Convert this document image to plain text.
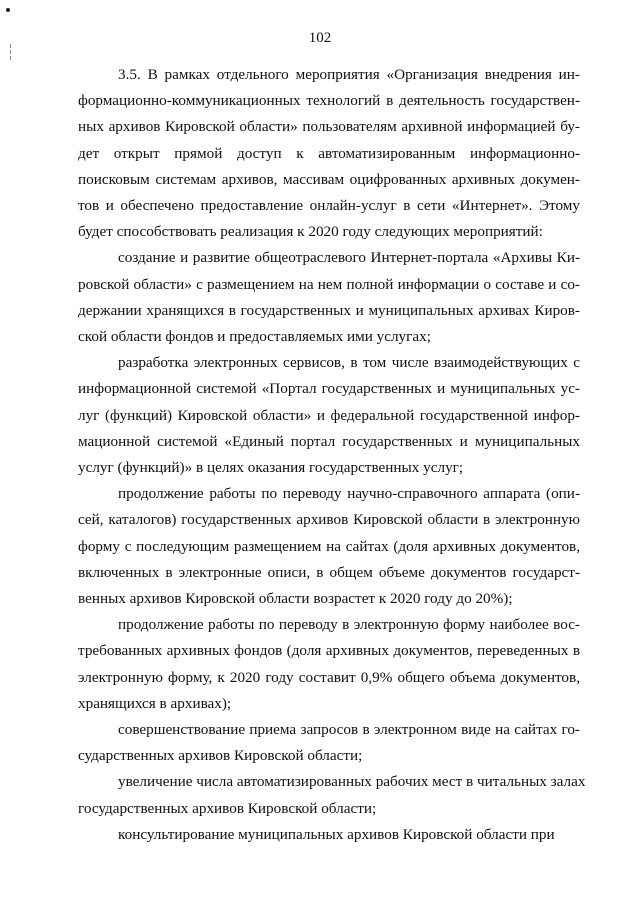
102
3.5. В рамках отдельного мероприятия «Организация внедрения ин-
формационно-коммуникационных технологий в деятельность государствен-
ных архивов Кировской области» пользователям архивной информацией бу-
дет открыт прямой доступ к автоматизированным информационно-
поисковым системам архивов, массивам оцифрованных архивных докумен-
тов и обеспечено предоставление онлайн-услуг в сети «Интернет». Этому
будет способствовать реализация к 2020 году следующих мероприятий:
создание и развитие общеотраслевого Интернет-портала «Архивы Ки-
ровской области» с размещением на нем полной информации о составе и со-
держании хранящихся в государственных и муниципальных архивах Киров-
ской области фондов и предоставляемых ими услугах;
разработка электронных сервисов, в том числе взаимодействующих с
информационной системой «Портал государственных и муниципальных ус-
луг (функций) Кировской области» и федеральной государственной инфор-
мационной системой «Единый портал государственных и муниципальных
услуг (функций)» в целях оказания государственных услуг;
продолжение работы по переводу научно-справочного аппарата (опи-
сей, каталогов) государственных архивов Кировской области в электронную
форму с последующим размещением на сайтах (доля архивных документов,
включенных в электронные описи, в общем объеме документов государст-
венных архивов Кировской области возрастет к 2020 году до 20%);
продолжение работы по переводу в электронную форму наиболее вос-
требованных архивных фондов (доля архивных документов, переведенных в
электронную форму, к 2020 году составит 0,9% общего объема документов,
хранящихся в архивах);
совершенствование приема запросов в электронном виде на сайтах го-
сударственных архивов Кировской области;
увеличение числа автоматизированных рабочих мест в читальных залах
государственных архивов Кировской области;
консультирование муниципальных архивов Кировской области при
